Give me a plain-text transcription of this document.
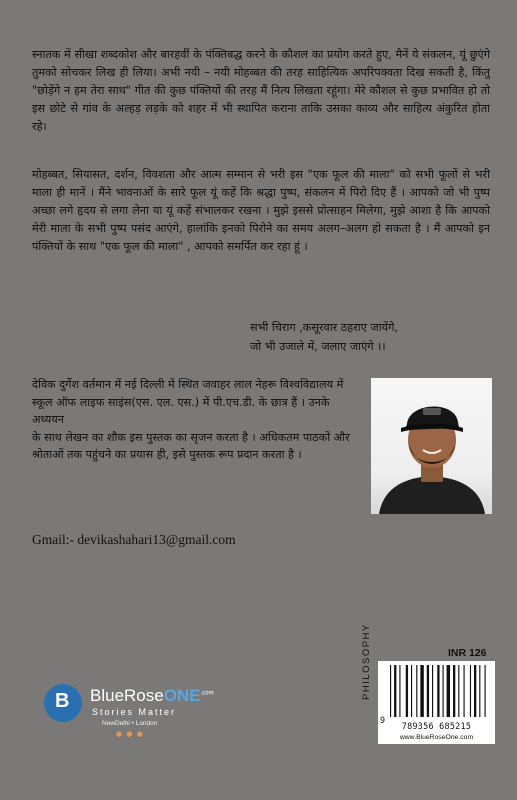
स्नातक में सीखा शब्दकोश और बारहवीं के पंक्तिबद्ध करने के कौशल का प्रयोग करते हुए, मैनें ये संकलन, यूं छुएंगे तुमको सोचकर लिख ही लिया। अभी नयी – नयी मोहब्बत की तरह साहित्यिक अपरिपक्वता दिख सकती है, किंतु "छोड़ेंगे न हम तेरा साथ" गीत की कुछ पंक्तियों की तरह मैं नित्य लिखता रहूंगा। मेरे कौशल से कुछ प्रभावित हो तो इस छोटे से गांव के अल्हड़ लड़के को शहर में भी स्थापित कराना ताकि उसका काव्य और साहित्य अंकुरित होता रहे।
मोहब्बत, सियासत, दर्शन, विवशता और आत्म सम्मान से भरी इस "एक फूल की माला" को सभी फूलों से भरी माला ही मानें । मैंने भावनाओं के सारे फूल यूं कहें कि श्रद्धा पुष्प, संकलन में पिरो दिए हैं । आपको जो भी पुष्प अच्छा लगे हृदय से लगा लेना या यूं कहें संभालकर रखना । मुझे इससे प्रोत्साहन मिलेगा, मुझे आशा है कि आपको मेरी माला के सभी पुष्प पसंद आएंगे, हालांकि इनको पिरोने का समय अलग–अलग हो सकता है । मैं आपको इन पंक्तियों के साथ "एक फूल की माला" , आपको समर्पित कर रहा हूं ।
सभी चिराग ,कसूरवार ठहराए जायेंगे,
जो भी उजाले में, जलाए जाएंगे ।।
देविक दुर्गेश वर्तमान में नई दिल्ली में स्थित जवाहर लाल नेहरू विश्वविद्यालय में
स्कूल ऑफ लाइफ साइंस(एस. एल. एस.) में पी.एच.डी. के छात्र हैं । उनके अध्ययन
के साथ लेखन का शौक इस पुस्तक का सृजन करता है । अधिकतम पाठकों और
श्रोताओं तक पहुंचने का प्रयास ही, इसे पुस्तक रूप प्रदान करता है ।
Gmail:- devikashahari13@gmail.com
B BlueRoseONE$^{.com}$
Stories Matter
NewDelhi • London
● ● ●
PHILOSOPHY	INR 126
9
789356 685215
www.BlueRoseOne.com
